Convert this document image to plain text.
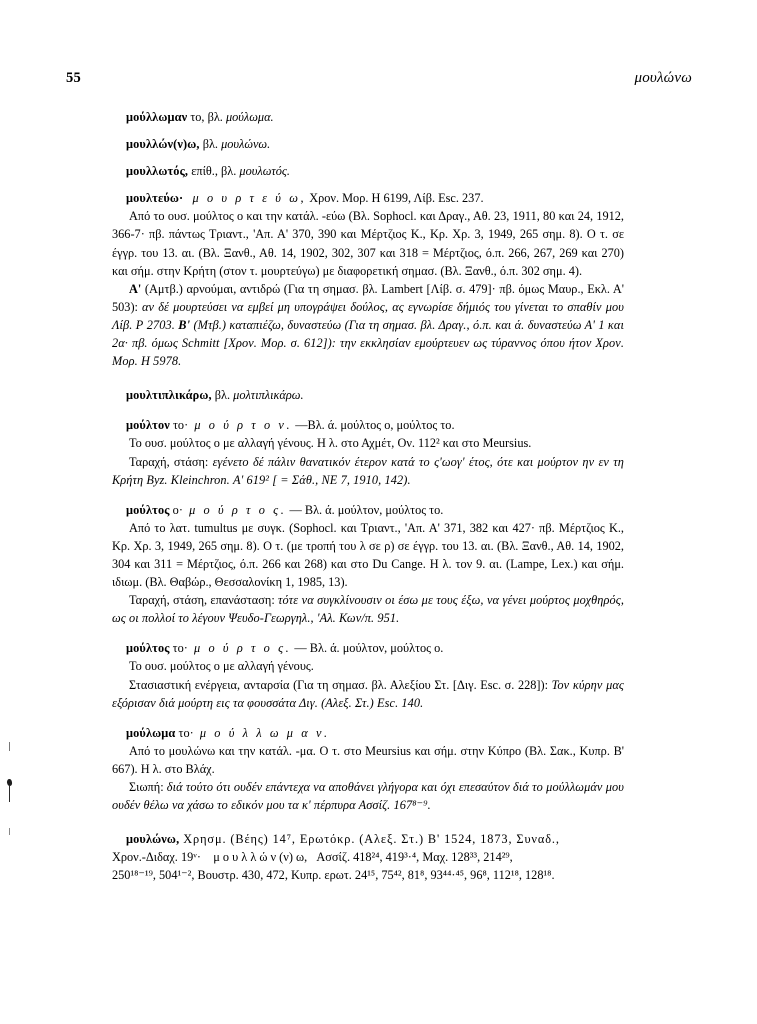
55	μουλώνω

μούλλωμαν το, βλ. μούλωμα.

μουλλών(ν)ω, βλ. μουλώνω.

μουλλωτός, επίθ., βλ. μουλωτός.

μουλτεύω· μ ο υ ρ τ ε ύ ω, Χρον. Μορ. Η 6199, Λίβ. Esc. 237.

Από το ουσ. μούλτος ο και την κατάλ. -εύω (Βλ. Sophocl. και Δραγ., Αθ. 23, 1911, 80 και 24, 1912, 366-7· πβ. πάντως Τριαντ., 'Απ. Α' 370, 390 και Μέρτζιος Κ., Κρ. Χρ. 3, 1949, 265 σημ. 8). Ο τ. σε έγγρ. του 13. αι. (Βλ. Ξανθ., Αθ. 14, 1902, 302, 307 και 318 = Μέρτζιος, ό.π. 266, 267, 269 και 270) και σήμ. στην Κρήτη (στον τ. μουρτεύγω) με διαφορετική σημασ. (Βλ. Ξανθ., ό.π. 302 σημ. 4).

Α' (Αμτβ.) αρνούμαι, αντιδρώ (Για τη σημασ. βλ. Lambert [Λίβ. σ. 479]· πβ. όμως Μαυρ., Εκλ. Α' 503): αν δέ μουρτεύσει να εμβεί μη υπογράψει δούλος, ας εγνωρίσε δήμιός του γίνεται το σπαθίν μου Λίβ. Ρ 2703. Β' (Μτβ.) καταπιέζω, δυναστεύω (Για τη σημασ. βλ. Δραγ., ό.π. και ά. δυναστεύω Α' 1 και 2α· πβ. όμως Schmitt [Χρον. Μορ. σ. 612]): την εκκλησίαν εμούρτευεν ως τύραννος όπου ήτον Χρον. Μορ. Η 5978.

μουλτιπλικάρω, βλ. μολτιπλικάρω.

μούλτον το· μ ο ύ ρ τ ο ν. —Βλ. ά. μούλτος ο, μούλτος το.

Το ουσ. μούλτος ο με αλλαγή γένους. Η λ. στο Αχμέτ, Ον. 112² και στο Meursius.

Ταραχή, στάση: εγένετο δέ πάλιν θανατικόν έτερον κατά το ς'ωογ' έτος, ότε και μούρτον ην εν τη Κρήτη Byz. Kleinchron. Α' 619² [ = Σάθ., ΝΕ 7, 1910, 142).

μούλτος ο· μ ο ύ ρ τ ο ς. — Βλ. ά. μούλτον, μούλτος το.

Από το λατ. tumultus με συγκ. (Sophocl. και Τριαντ., 'Απ. Α' 371, 382 και 427· πβ. Μέρτζιος Κ., Κρ. Χρ. 3, 1949, 265 σημ. 8). Ο τ. (με τροπή του λ σε ρ) σε έγγρ. του 13. αι. (Βλ. Ξανθ., Αθ. 14, 1902, 304 και 311 = Μέρτζιος, ό.π. 266 και 268) και στο Du Cange. Η λ. τον 9. αι. (Lampe, Lex.) και σήμ. ιδιωμ. (Βλ. Θαβώρ., Θεσσαλονίκη 1, 1985, 13).

Ταραχή, στάση, επανάσταση: τότε να συγκλίνουσιν οι έσω με τους έξω, να γένει μούρτος μοχθηρός, ως οι πολλοί το λέγουν Ψευδο-Γεωργηλ., 'Αλ. Κων/π. 951.

μούλτος το· μ ο ύ ρ τ ο ς. — Βλ. ά. μούλτον, μούλτος ο.

Το ουσ. μούλτος ο με αλλαγή γένους.

Στασιαστική ενέργεια, ανταρσία (Για τη σημασ. βλ. Αλεξίου Στ. [Διγ. Esc. σ. 228]): Τον κύρην μας εξόρισαν διά μούρτη εις τα φουσσάτα Διγ. (Αλεξ. Στ.) Esc. 140.

μούλωμα το· μ ο ύ λ λ ω μ α ν.

Από το μουλώνω και την κατάλ. -μα. Ο τ. στο Meursius και σήμ. στην Κύπρο (Βλ. Σακ., Κυπρ. Β' 667). Η λ. στο Βλάχ.

Σιωπή: διά τούτο ότι ουδέν επάντεχα να αποθάνει γλήγορα και όχι επεσαύτον διά το μούλλωμάν μου ουδέν θέλω να χάσω το εδικόν μου τα κ' πέρπυρα Ασσίζ. 167⁸⁻⁹.

μουλώνω, Χρησμ. (Βέης) 14⁷, Ερωτόκρ. (Αλεξ. Στ.) Β' 1524, 1873, Συναδ.,

Χρον.-Διδαχ. 19ᵛ·    μ ο υ λ λ ώ ν (ν) ω,   Ασσίζ. 418²⁴, 419³·⁴, Μαχ. 128³³, 214²⁹,

250¹⁸⁻¹⁹, 504¹⁻², Βουστρ. 430, 472, Κυπρ. ερωτ. 24¹⁵, 75⁴², 81⁸, 93⁴⁴·⁴⁵, 96⁸, 112¹⁸, 128¹⁸.
